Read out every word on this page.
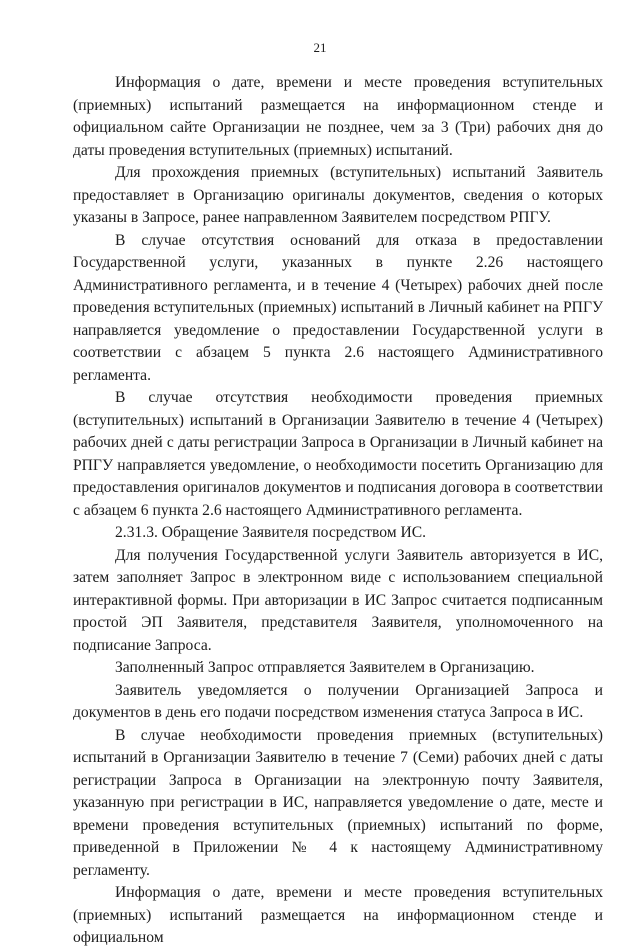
21

Информация о дате, времени и месте проведения вступительных (приемных) испытаний размещается на информационном стенде и официальном сайте Организации не позднее, чем за 3 (Три) рабочих дня до даты проведения вступительных (приемных) испытаний.

Для прохождения приемных (вступительных) испытаний Заявитель предоставляет в Организацию оригиналы документов, сведения о которых указаны в Запросе, ранее направленном Заявителем посредством РПГУ.

В случае отсутствия оснований для отказа в предоставлении Государственной услуги, указанных в пункте 2.26 настоящего Административного регламента, и в течение 4 (Четырех) рабочих дней после проведения вступительных (приемных) испытаний в Личный кабинет на РПГУ направляется уведомление о предоставлении Государственной услуги в соответствии с абзацем 5 пункта 2.6 настоящего Административного регламента.

В случае отсутствия необходимости проведения приемных (вступительных) испытаний в Организации Заявителю в течение 4 (Четырех) рабочих дней с даты регистрации Запроса в Организации в Личный кабинет на РПГУ направляется уведомление, о необходимости посетить Организацию для предоставления оригиналов документов и подписания договора в соответствии с абзацем 6 пункта 2.6 настоящего Административного регламента.

2.31.3. Обращение Заявителя посредством ИС.

Для получения Государственной услуги Заявитель авторизуется в ИС, затем заполняет Запрос в электронном виде с использованием специальной интерактивной формы. При авторизации в ИС Запрос считается подписанным простой ЭП Заявителя, представителя Заявителя, уполномоченного на подписание Запроса.

Заполненный Запрос отправляется Заявителем в Организацию.

Заявитель уведомляется о получении Организацией Запроса и документов в день его подачи посредством изменения статуса Запроса в ИС.

В случае необходимости проведения приемных (вступительных) испытаний в Организации Заявителю в течение 7 (Семи) рабочих дней с даты регистрации Запроса в Организации на электронную почту Заявителя, указанную при регистрации в ИС, направляется уведомление о дате, месте и времени проведения вступительных (приемных) испытаний по форме, приведенной в Приложении № 4 к настоящему Административному регламенту.

Информация о дате, времени и месте проведения вступительных (приемных) испытаний размещается на информационном стенде и официальном
